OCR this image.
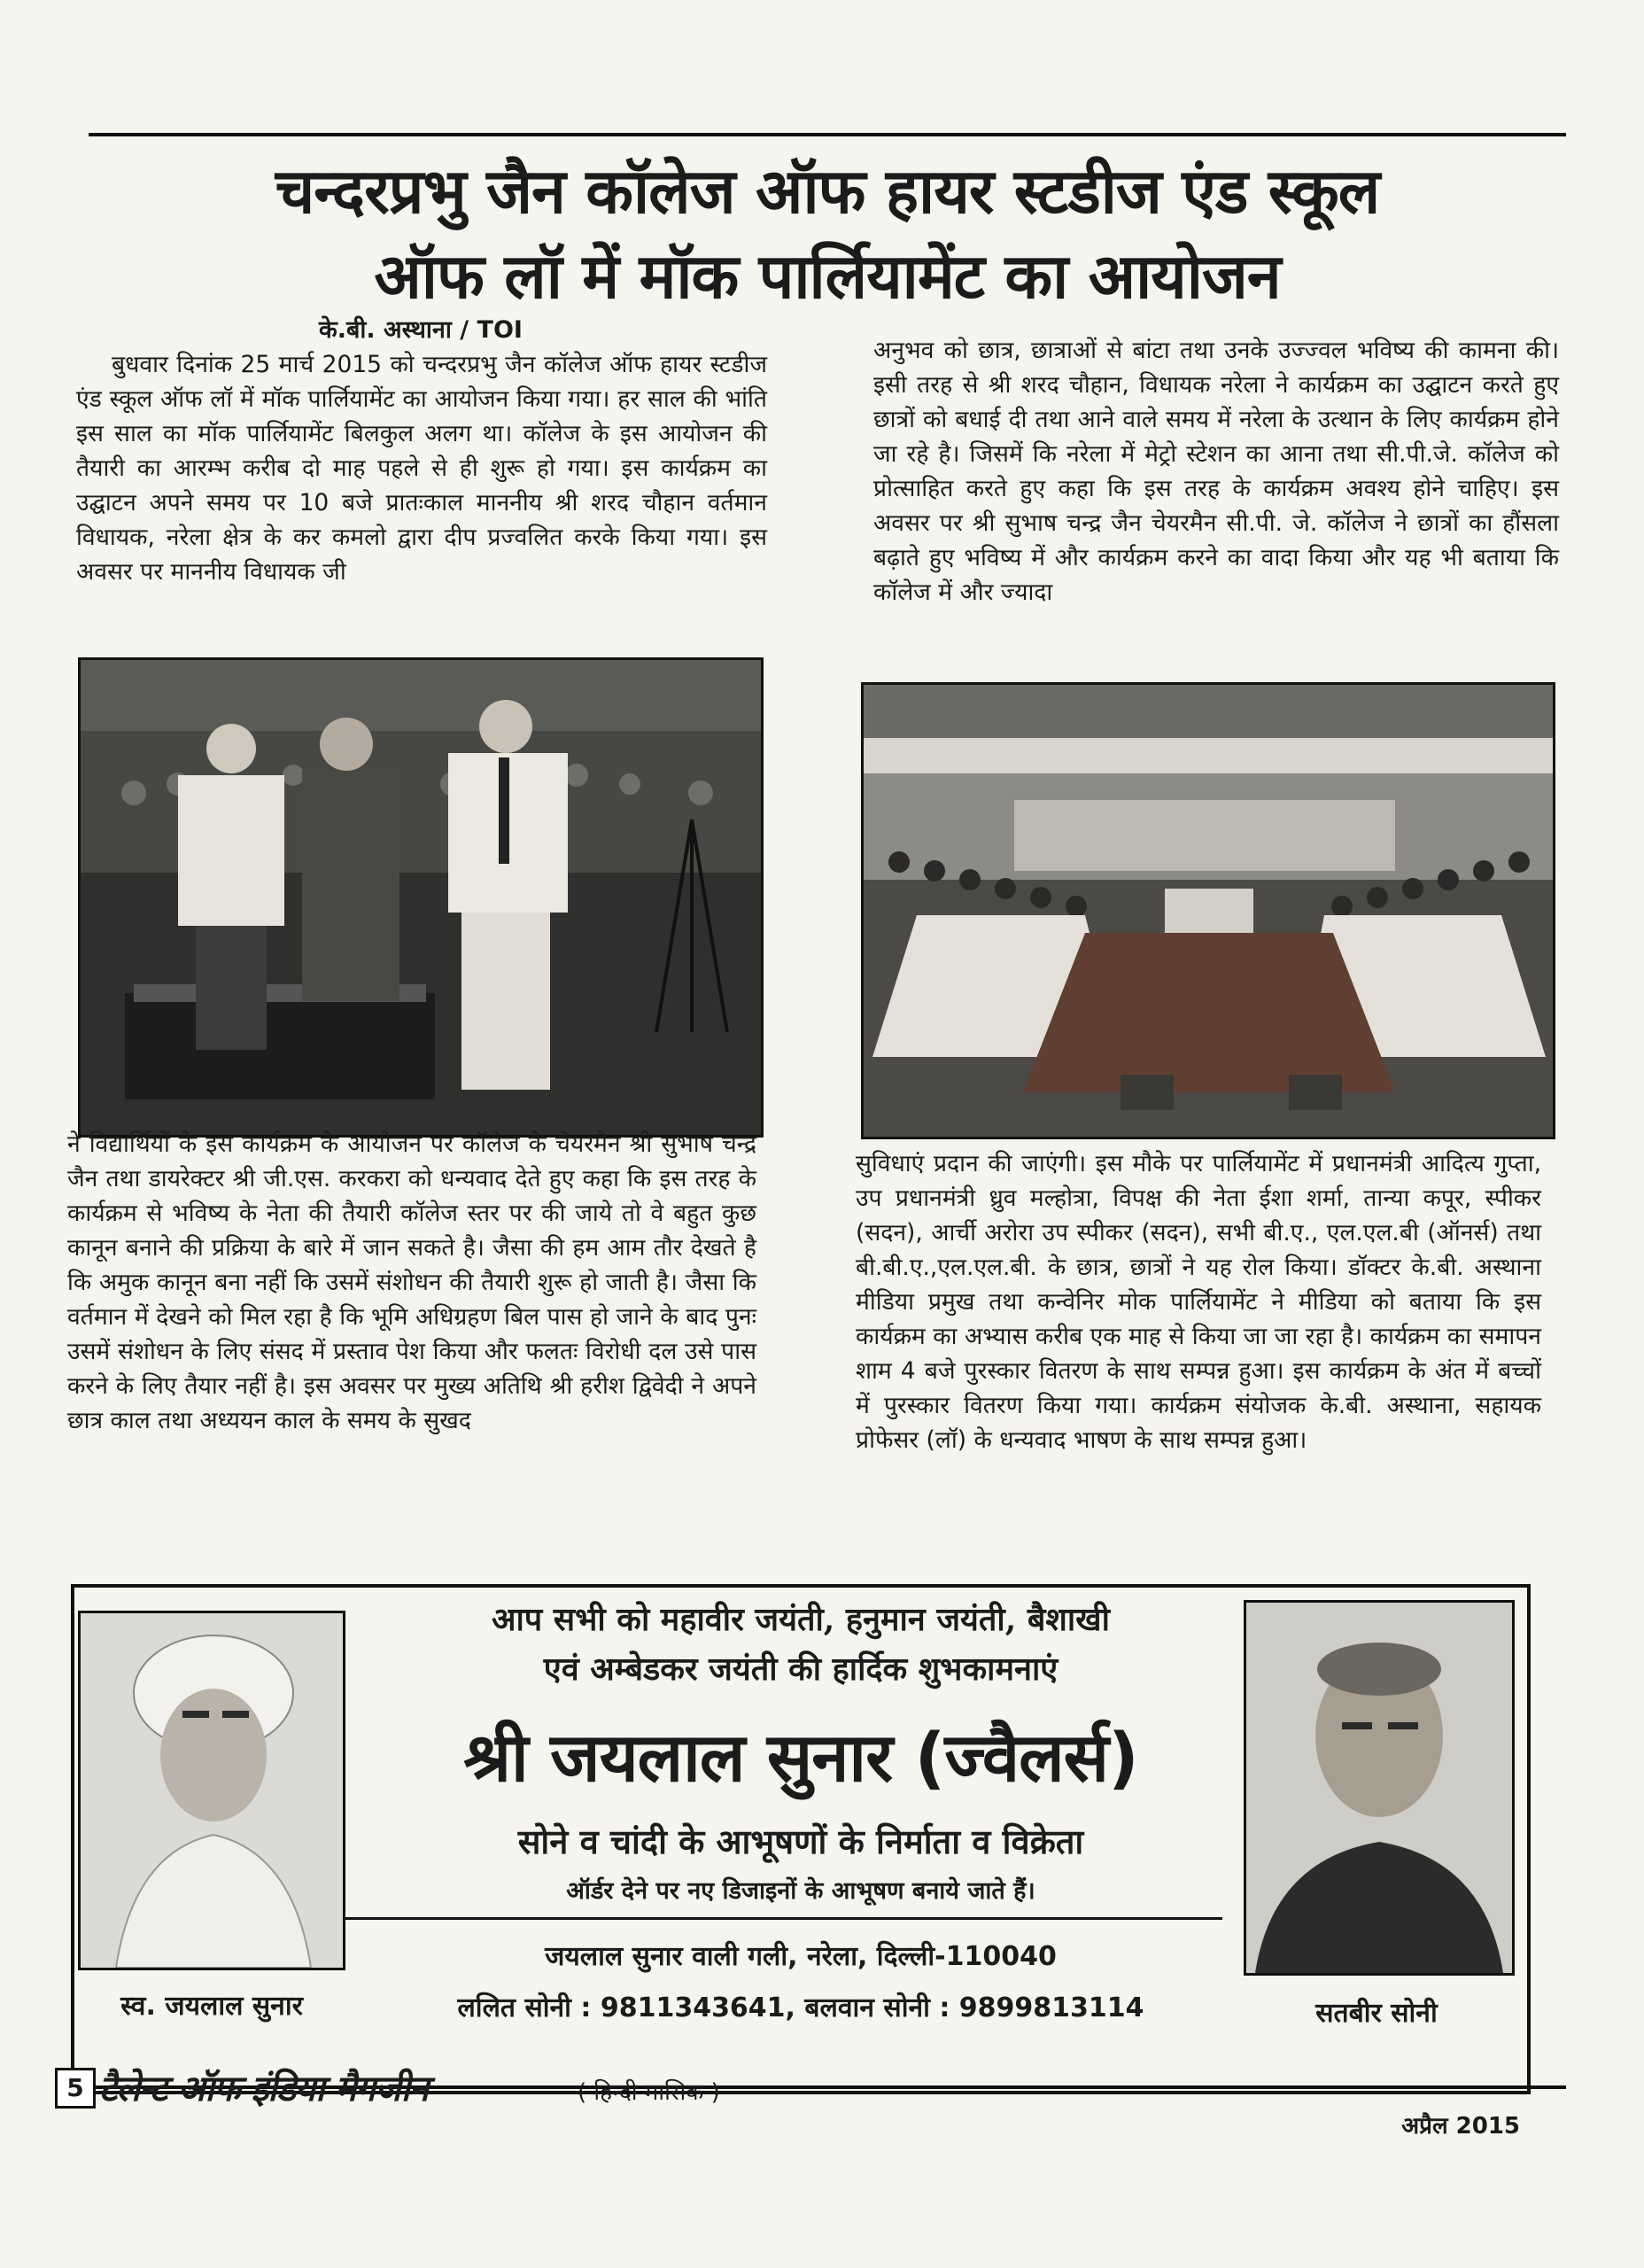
चन्दरप्रभु जैन कॉलेज ऑफ हायर स्टडीज एंड स्कूल
ऑफ लॉ में मॉक पार्लियामेंट का आयोजन
के.बी. अस्थाना / TOI

बुधवार दिनांक 25 मार्च 2015 को चन्दरप्रभु जैन कॉलेज ऑफ हायर स्टडीज एंड स्कूल ऑफ लॉ में मॉक पार्लियामेंट का आयोजन किया गया। हर साल की भांति इस साल का मॉक पार्लियामेंट बिलकुल अलग था। कॉलेज के इस आयोजन की तैयारी का आरम्भ करीब दो माह पहले से ही शुरू हो गया। इस कार्यक्रम का उद्घाटन अपने समय पर 10 बजे प्रातःकाल माननीय श्री शरद चौहान वर्तमान विधायक, नरेला क्षेत्र के कर कमलो द्वारा दीप प्रज्वलित करके किया गया। इस अवसर पर माननीय विधायक जी

अनुभव को छात्र, छात्राओं से बांटा तथा उनके उज्ज्वल भविष्य की कामना की। इसी तरह से श्री शरद चौहान, विधायक नरेला ने कार्यक्रम का उद्घाटन करते हुए छात्रों को बधाई दी तथा आने वाले समय में नरेला के उत्थान के लिए कार्यक्रम होने जा रहे है। जिसमें कि नरेला में मेट्रो स्टेशन का आना तथा सी.पी.जे. कॉलेज को प्रोत्साहित करते हुए कहा कि इस तरह के कार्यक्रम अवश्य होने चाहिए। इस अवसर पर श्री सुभाष चन्द्र जैन चेयरमैन सी.पी. जे. कॉलेज ने छात्रों का हौंसला बढ़ाते हुए भविष्य में और कार्यक्रम करने का वादा किया और यह भी बताया कि कॉलेज में और ज्यादा

ने विद्यार्थियों के इस कार्यक्रम के आयोजन पर कॉलेज के चेयरमैन श्री सुभाष चन्द्र जैन तथा डायरेक्टर श्री जी.एस. करकरा को धन्यवाद देते हुए कहा कि इस तरह के कार्यक्रम से भविष्य के नेता की तैयारी कॉलेज स्तर पर की जाये तो वे बहुत कुछ कानून बनाने की प्रक्रिया के बारे में जान सकते है। जैसा की हम आम तौर देखते है कि अमुक कानून बना नहीं कि उसमें संशोधन की तैयारी शुरू हो जाती है। जैसा कि वर्तमान में देखने को मिल रहा है कि भूमि अधिग्रहण बिल पास हो जाने के बाद पुनः उसमें संशोधन के लिए संसद में प्रस्ताव पेश किया और फलतः विरोधी दल उसे पास करने के लिए तैयार नहीं है। इस अवसर पर मुख्य अतिथि श्री हरीश द्विवेदी ने अपने छात्र काल तथा अध्ययन काल के समय के सुखद

सुविधाएं प्रदान की जाएंगी। इस मौके पर पार्लियामेंट में प्रधानमंत्री आदित्य गुप्ता, उप प्रधानमंत्री ध्रुव मल्होत्रा, विपक्ष की नेता ईशा शर्मा, तान्या कपूर, स्पीकर (सदन), आर्ची अरोरा उप स्पीकर (सदन), सभी बी.ए., एल.एल.बी (ऑनर्स) तथा बी.बी.ए.,एल.एल.बी. के छात्र, छात्रों ने यह रोल किया। डॉक्टर के.बी. अस्थाना मीडिया प्रमुख तथा कन्वेनिर मोक पार्लियामेंट ने मीडिया को बताया कि इस कार्यक्रम का अभ्यास करीब एक माह से किया जा जा रहा है। कार्यक्रम का समापन शाम 4 बजे पुरस्कार वितरण के साथ सम्पन्न हुआ। इस कार्यक्रम के अंत में बच्चों में पुरस्कार वितरण किया गया। कार्यक्रम संयोजक के.बी. अस्थाना, सहायक प्रोफेसर (लॉ) के धन्यवाद भाषण के साथ सम्पन्न हुआ।

स्व. जयलाल सुनार	सतबीर सोनी
आप सभी को महावीर जयंती, हनुमान जयंती, बैशाखी
एवं अम्बेडकर जयंती की हार्दिक शुभकामनाएं
श्री जयलाल सुनार (ज्वैलर्स)
सोने व चांदी के आभूषणों के निर्माता व विक्रेता
ऑर्डर देने पर नए डिजाइनों के आभूषण बनाये जाते हैं।
जयलाल सुनार वाली गली, नरेला, दिल्ली-110040
ललित सोनी : 9811343641, बलवान सोनी : 9899813114
5 टैलेन्ट ऑफ इंडिया मैगजीन	( हिन्दी मासिक )
अप्रैल 2015
